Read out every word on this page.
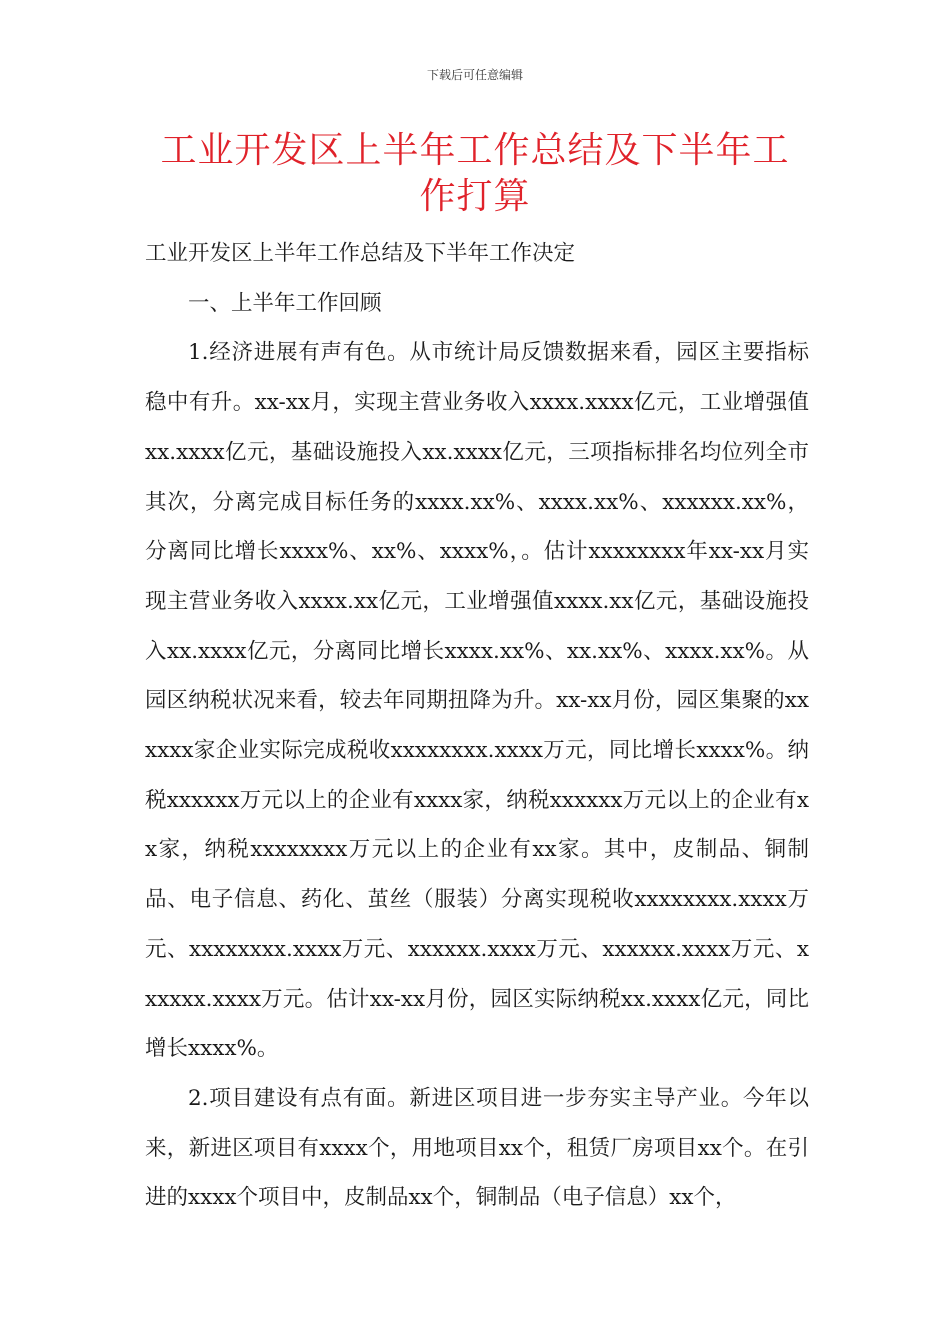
下载后可任意编辑
工业开发区上半年工作总结及下半年工作打算

工业开发区上半年工作总结及下半年工作决定

一、上半年工作回顾

1.经济进展有声有色。从市统计局反馈数据来看，园区主要指标稳中有升。xx-xx月，实现主营业务收入xxxx.xxxx亿元，工业增强值xx.xxxx亿元，基础设施投入xx.xxxx亿元，三项指标排名均位列全市其次，分离完成目标任务的xxxx.xx%、xxxx.xx%、xxxxxx.xx%，分离同比增长xxxx%、xx%、xxxx%，。估计xxxxxxxx年xx-xx月实现主营业务收入xxxx.xx亿元，工业增强值xxxx.xx亿元，基础设施投入xx.xxxx亿元，分离同比增长xxxx.xx%、xx.xx%、xxxx.xx%。从园区纳税状况来看，较去年同期扭降为升。xx-xx月份，园区集聚的xxxxxx家企业实际完成税收xxxxxxxx.xxxx万元，同比增长xxxx%。纳税xxxxxx万元以上的企业有xxxx家，纳税xxxxxx万元以上的企业有xx家，纳税xxxxxxxx万元以上的企业有xx家。其中，皮制品、铜制品、电子信息、药化、茧丝（服装）分离实现税收xxxxxxxx.xxxx万元、xxxxxxxx.xxxx万元、xxxxxx.xxxx万元、xxxxxx.xxxx万元、xxxxxx.xxxx万元。估计xx-xx月份，园区实际纳税xx.xxxx亿元，同比增长xxxx%。

2.项目建设有点有面。新进区项目进一步夯实主导产业。今年以来，新进区项目有xxxx个，用地项目xx个，租赁厂房项目xx个。在引进的xxxx个项目中，皮制品xx个，铜制品（电子信息）xx个，
